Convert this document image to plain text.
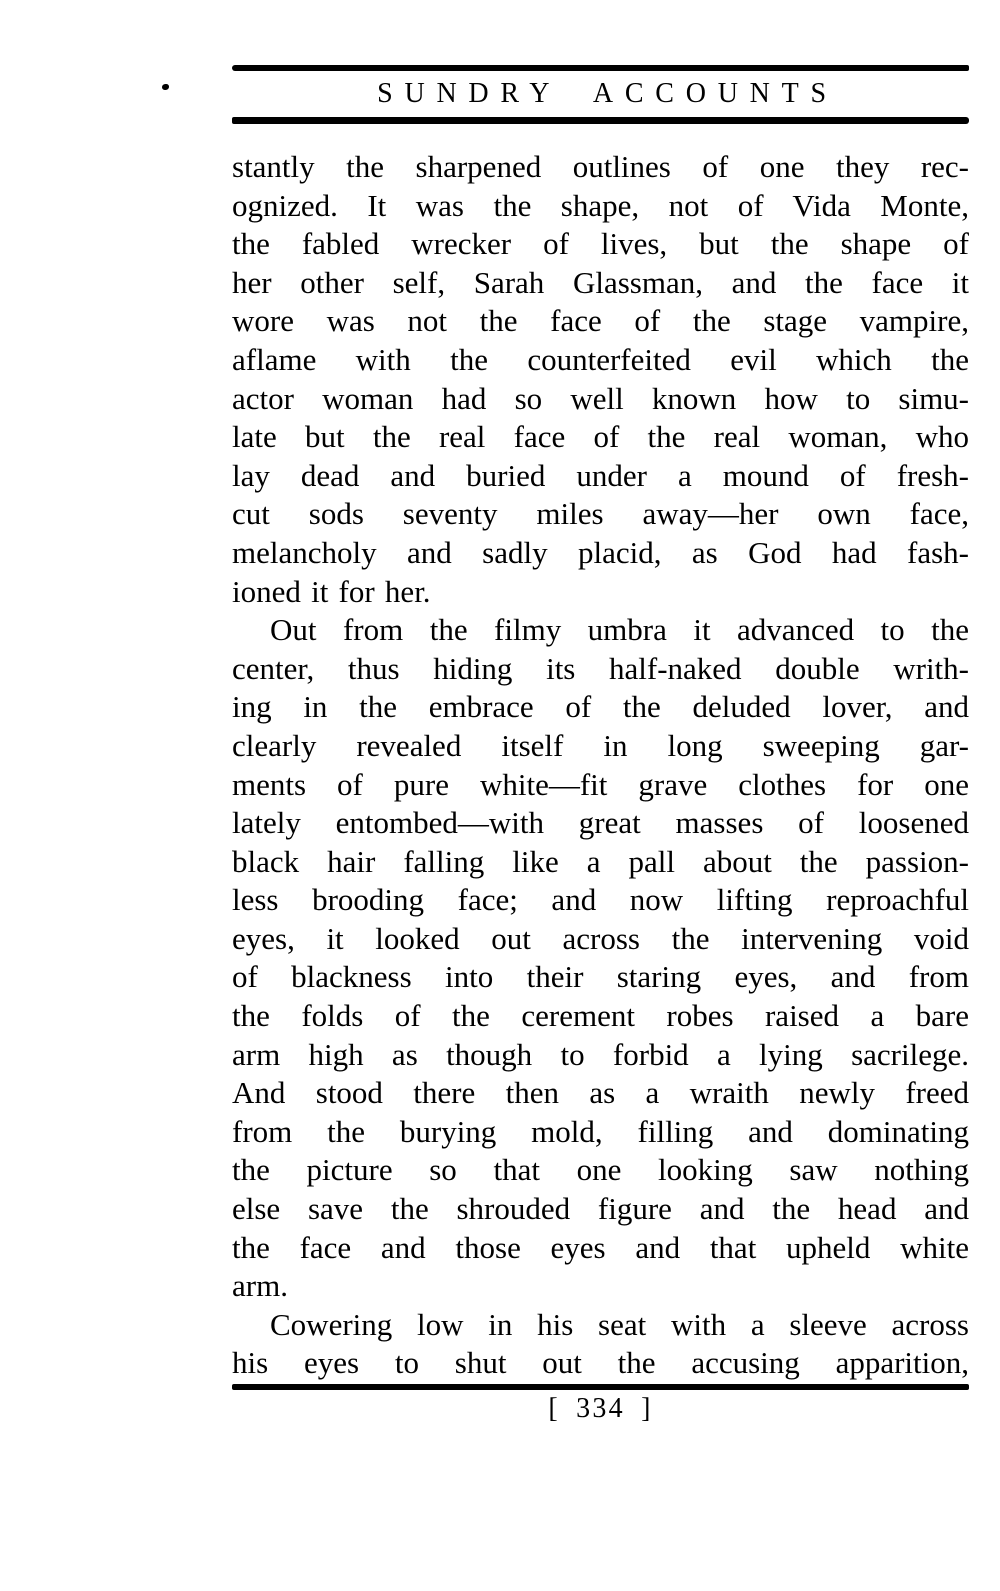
SUNDRY ACCOUNTS
stantly the sharpened outlines of one they rec-
ognized. It was the shape, not of Vida Monte,
the fabled wrecker of lives, but the shape of
her other self, Sarah Glassman, and the face it
wore was not the face of the stage vampire,
aflame with the counterfeited evil which the
actor woman had so well known how to simu-
late but the real face of the real woman, who
lay dead and buried under a mound of fresh-
cut sods seventy miles away—her own face,
melancholy and sadly placid, as God had fash-
ioned it for her.
Out from the filmy umbra it advanced to the
center, thus hiding its half-naked double writh-
ing in the embrace of the deluded lover, and
clearly revealed itself in long sweeping gar-
ments of pure white—fit grave clothes for one
lately entombed—with great masses of loosened
black hair falling like a pall about the passion-
less brooding face; and now lifting reproachful
eyes, it looked out across the intervening void
of blackness into their staring eyes, and from
the folds of the cerement robes raised a bare
arm high as though to forbid a lying sacrilege.
And stood there then as a wraith newly freed
from the burying mold, filling and dominating
the picture so that one looking saw nothing
else save the shrouded figure and the head and
the face and those eyes and that upheld white
arm.
Cowering low in his seat with a sleeve across
his eyes to shut out the accusing apparition,
[ 334 ]
